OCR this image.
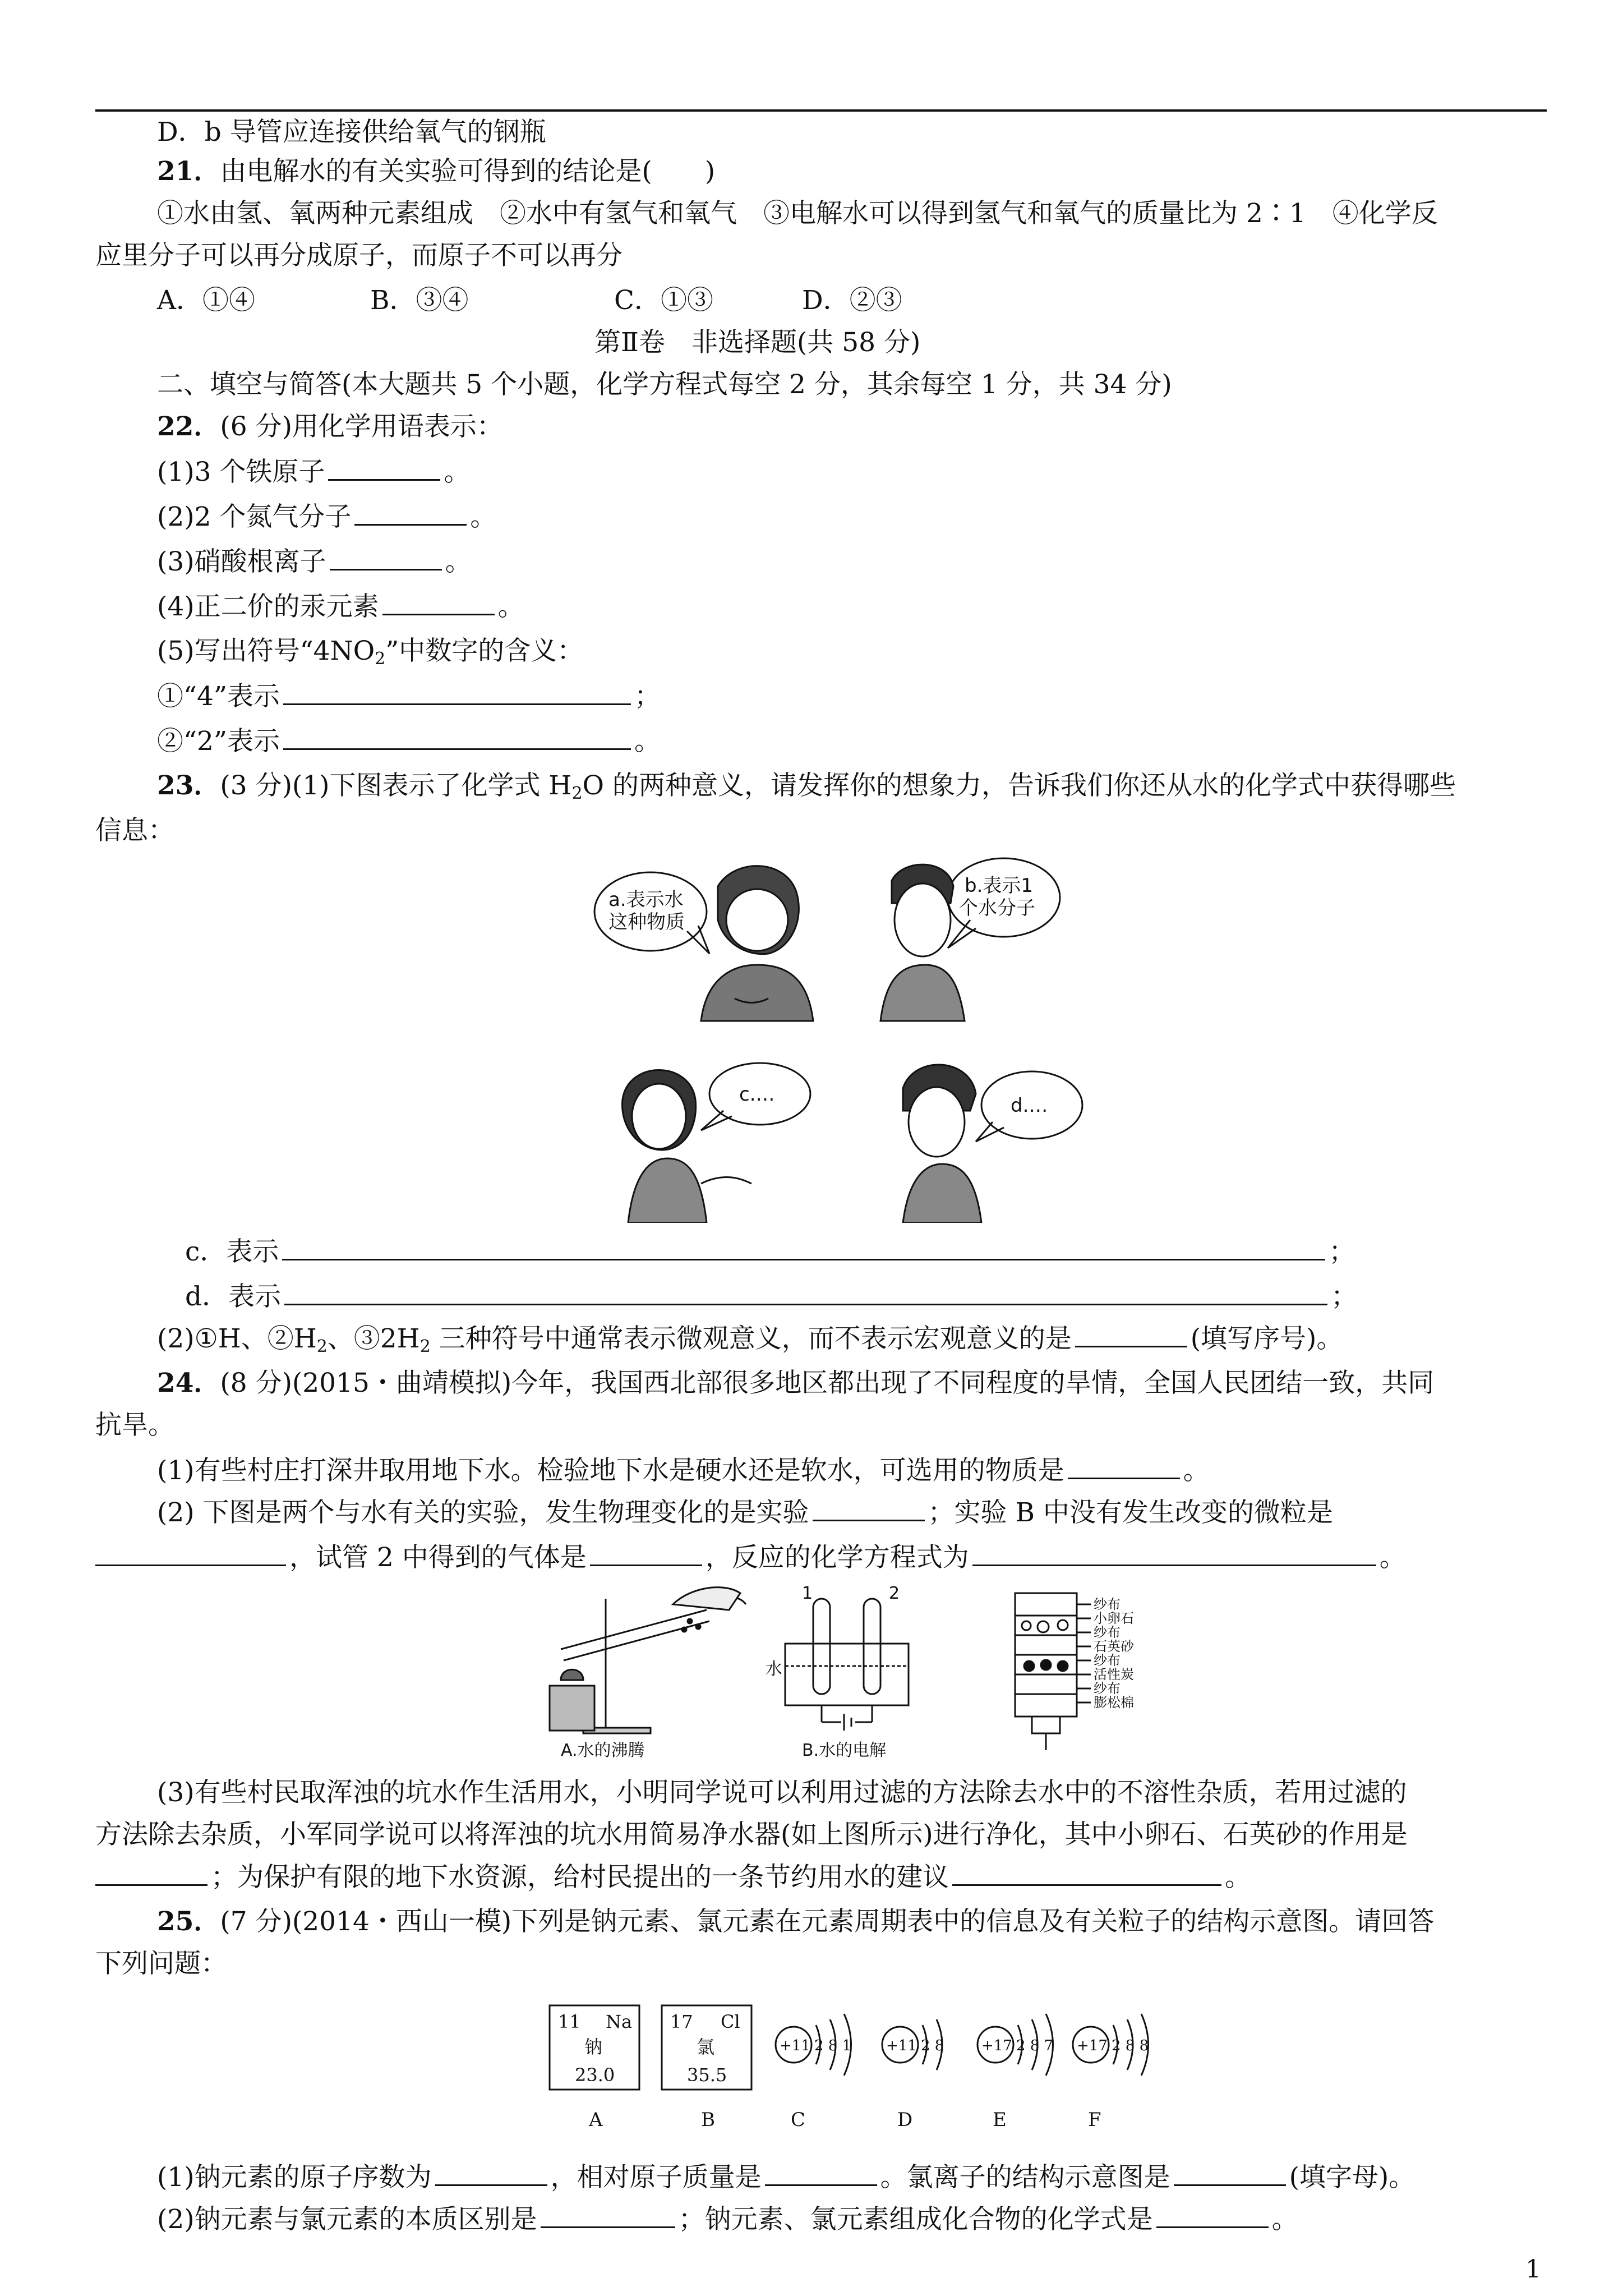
D．b 导管应连接供给氧气的钢瓶
21．由电解水的有关实验可得到的结论是(　　)
①水由氢、氧两种元素组成　②水中有氢气和氧气　③电解水可以得到氢气和氧气的质量比为 2∶1　④化学反
应里分子可以再分成原子，而原子不可以再分
A．①④	B．③④	C．①③	D．②③
第Ⅱ卷　非选择题(共 58 分)
二、填空与简答(本大题共 5 个小题，化学方程式每空 2 分，其余每空 1 分，共 34 分)
22．(6 分)用化学用语表示：
(1)3 个铁原子	。
(2)2 个氮气分子	。
(3)硝酸根离子	。
(4)正二价的汞元素	。
(5)写出符号“$4NO_2$”中数字的含义：
①“4”表示	；
②“2”表示	。
23．(3 分)(1)下图表示了化学式 $H_2O$ 的两种意义，请发挥你的想象力，告诉我们你还从水的化学式中获得哪些
信息：
a.表示水
这种物质
b.表示1
个水分子
c.…	d.…
c．表示	；
d．表示	；
(2)①H、$②H_2$、$③2H_2$ 三种符号中通常表示微观意义，而不表示宏观意义的是	(填写序号)。
24．(8 分)(2015・曲靖模拟)今年，我国西北部很多地区都出现了不同程度的旱情，全国人民团结一致，共同
抗旱。
(1)有些村庄打深井取用地下水。检验地下水是硬水还是软水，可选用的物质是	。
(2) 下图是两个与水有关的实验，发生物理变化的是实验	；实验 B 中没有发生改变的微粒是
，试管 2 中得到的气体是	，反应的化学方程式为	。
1	2
水
A.水的沸腾	B.水的电解
纱布
小卵石
纱布
石英砂
纱布
活性炭
纱布
膨松棉
(3)有些村民取浑浊的坑水作生活用水，小明同学说可以利用过滤的方法除去水中的不溶性杂质，若用过滤的
方法除去杂质，小军同学说可以将浑浊的坑水用简易净水器(如上图所示)进行净化，其中小卵石、石英砂的作用是
；为保护有限的地下水资源，给村民提出的一条节约用水的建议	。
25．(7 分)(2014・西山一模)下列是钠元素、氯元素在元素周期表中的信息及有关粒子的结构示意图。请回答
下列问题：
11 Na
钠
23.0
17 Cl
氯
35.5
+11 2 8 1 +11 2 8	+17 2 8 7 +17 2 8 8
A	B	C	D	E	F
(1)钠元素的原子序数为	，相对原子质量是	。氯离子的结构示意图是	(填字母)。
(2)钠元素与氯元素的本质区别是	；钠元素、氯元素组成化合物的化学式是	。
1
